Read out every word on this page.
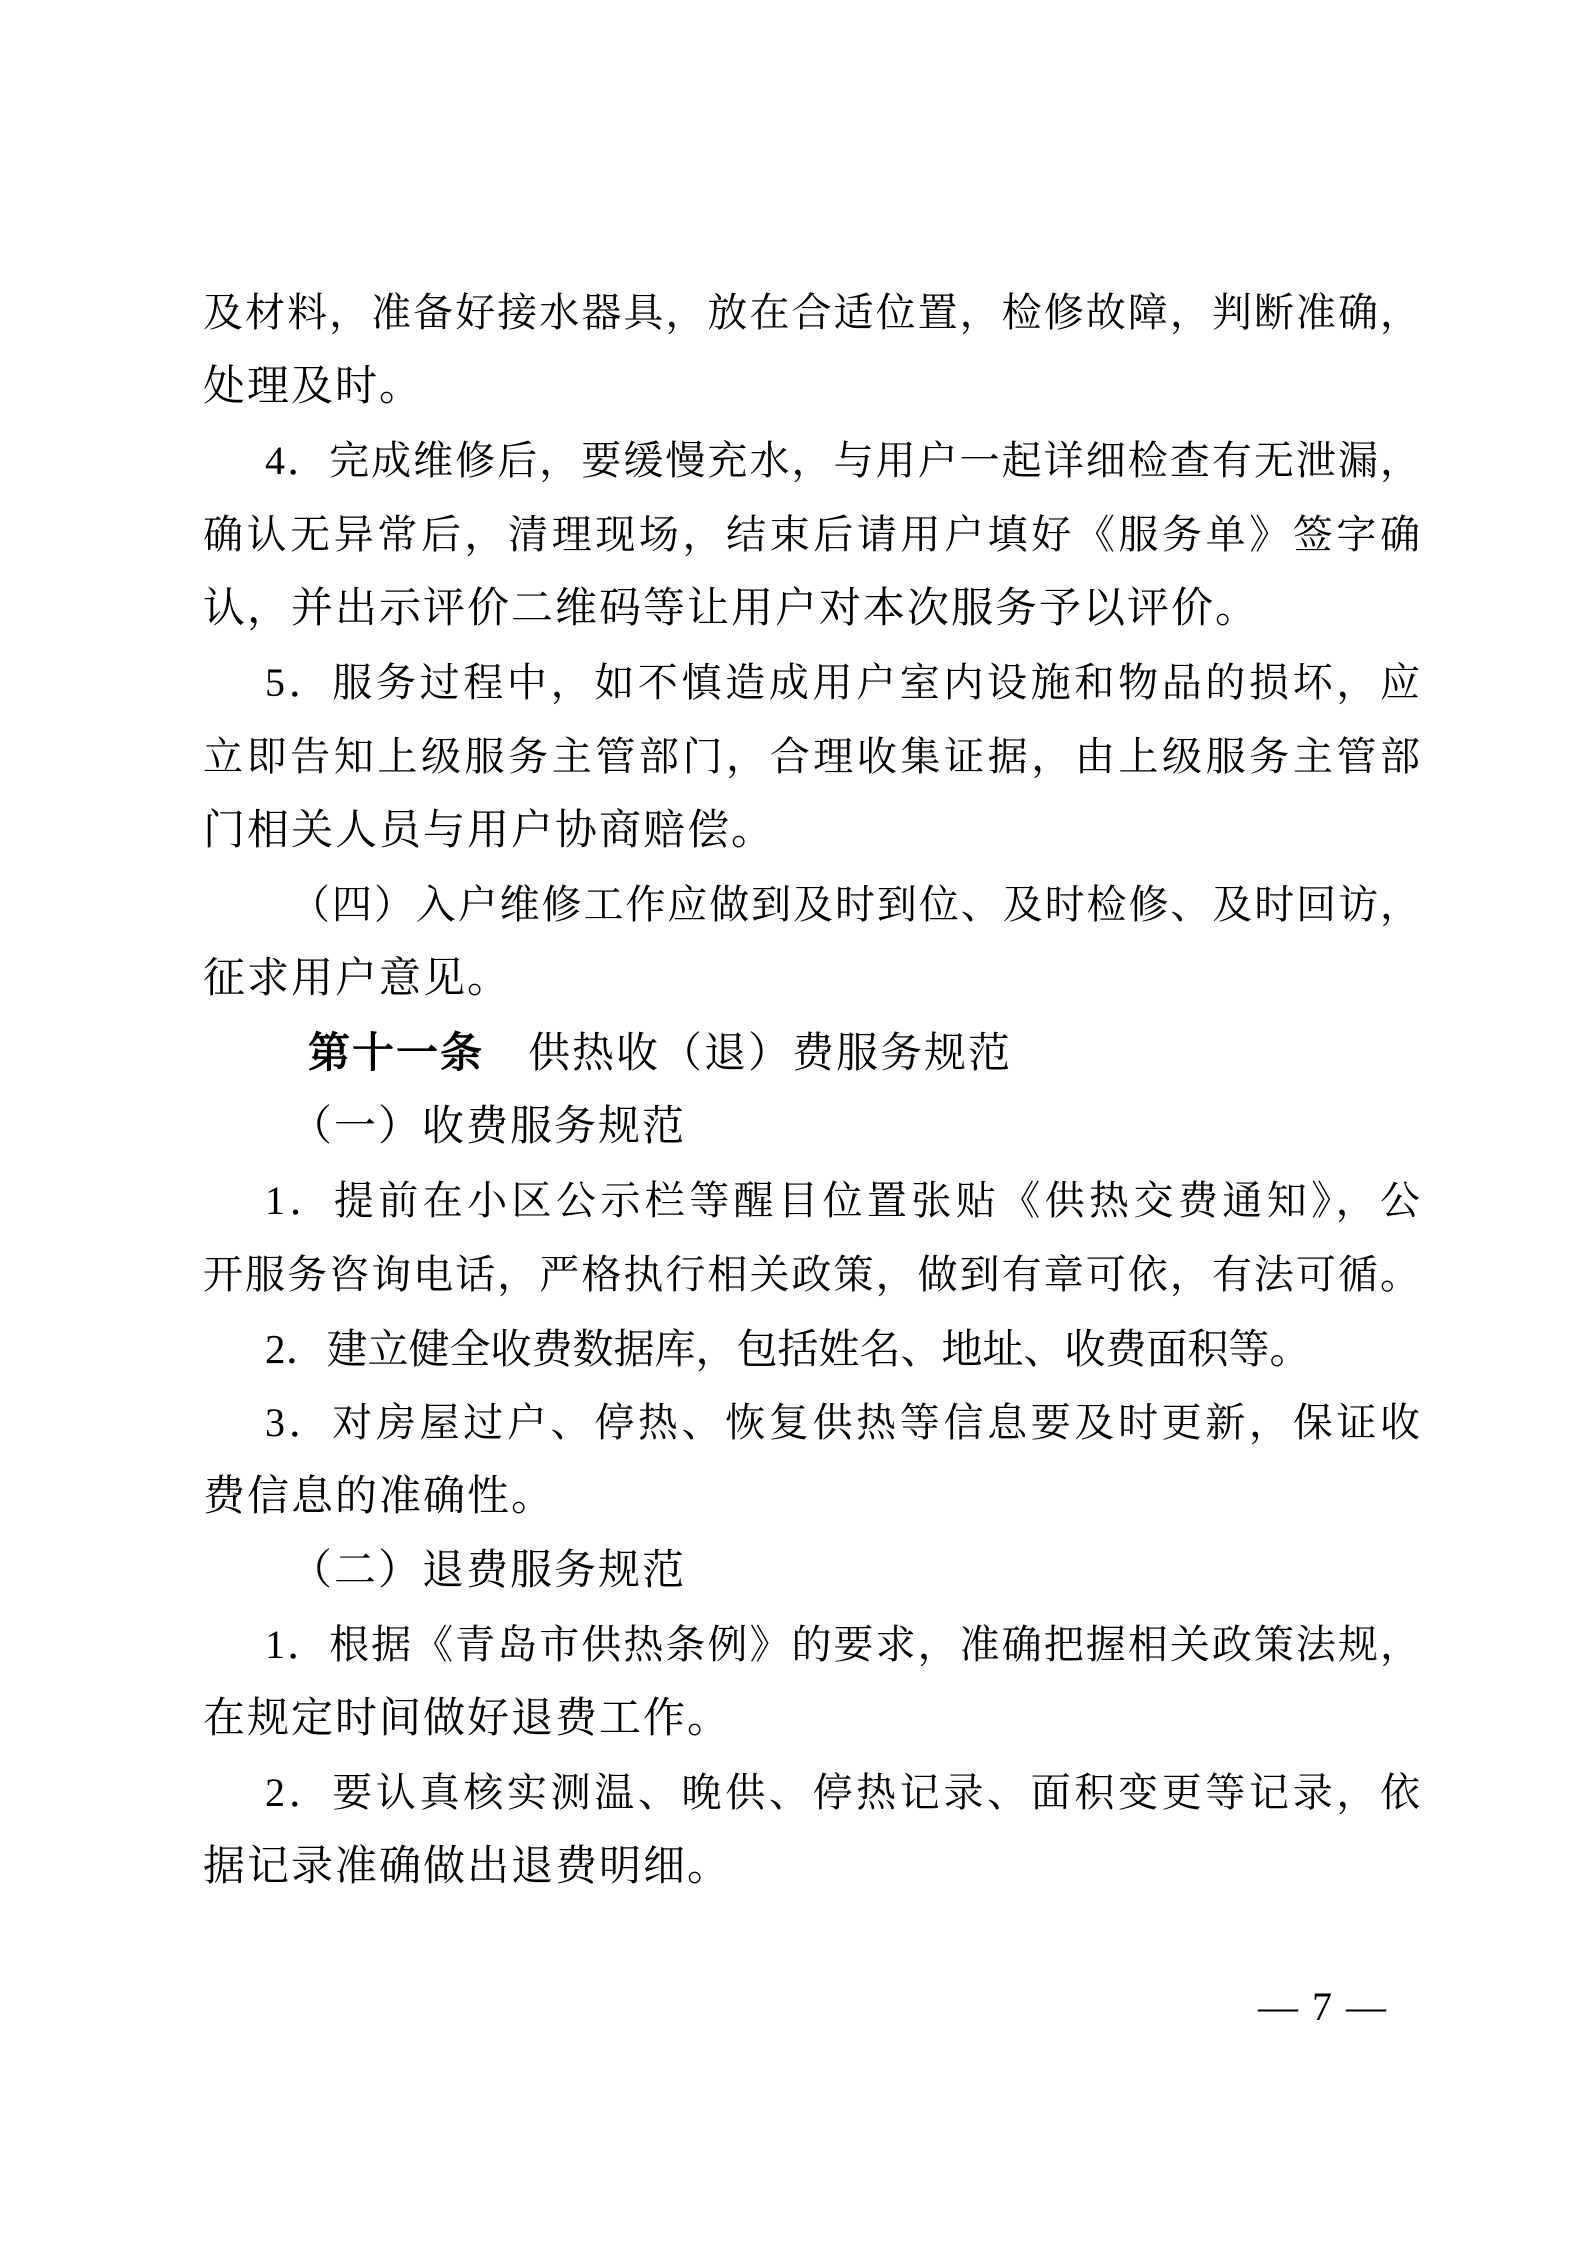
及材料，准备好接水器具，放在合适位置，检修故障，判断准确，
处理及时。
4．完成维修后，要缓慢充水，与用户一起详细检查有无泄漏，
确认无异常后，清理现场，结束后请用户填好《服务单》签字确
认，并出示评价二维码等让用户对本次服务予以评价。
5．服务过程中，如不慎造成用户室内设施和物品的损坏，应
立即告知上级服务主管部门，合理收集证据，由上级服务主管部
门相关人员与用户协商赔偿。
（四）入户维修工作应做到及时到位、及时检修、及时回访，
征求用户意见。
第十一条 供热收（退）费服务规范
（一）收费服务规范
1．提前在小区公示栏等醒目位置张贴《供热交费通知》，公
开服务咨询电话，严格执行相关政策，做到有章可依，有法可循。
2．建立健全收费数据库，包括姓名、地址、收费面积等。
3．对房屋过户、停热、恢复供热等信息要及时更新，保证收
费信息的准确性。
（二）退费服务规范
1．根据《青岛市供热条例》的要求，准确把握相关政策法规，
在规定时间做好退费工作。
2．要认真核实测温、晚供、停热记录、面积变更等记录，依
据记录准确做出退费明细。
— 7 —
